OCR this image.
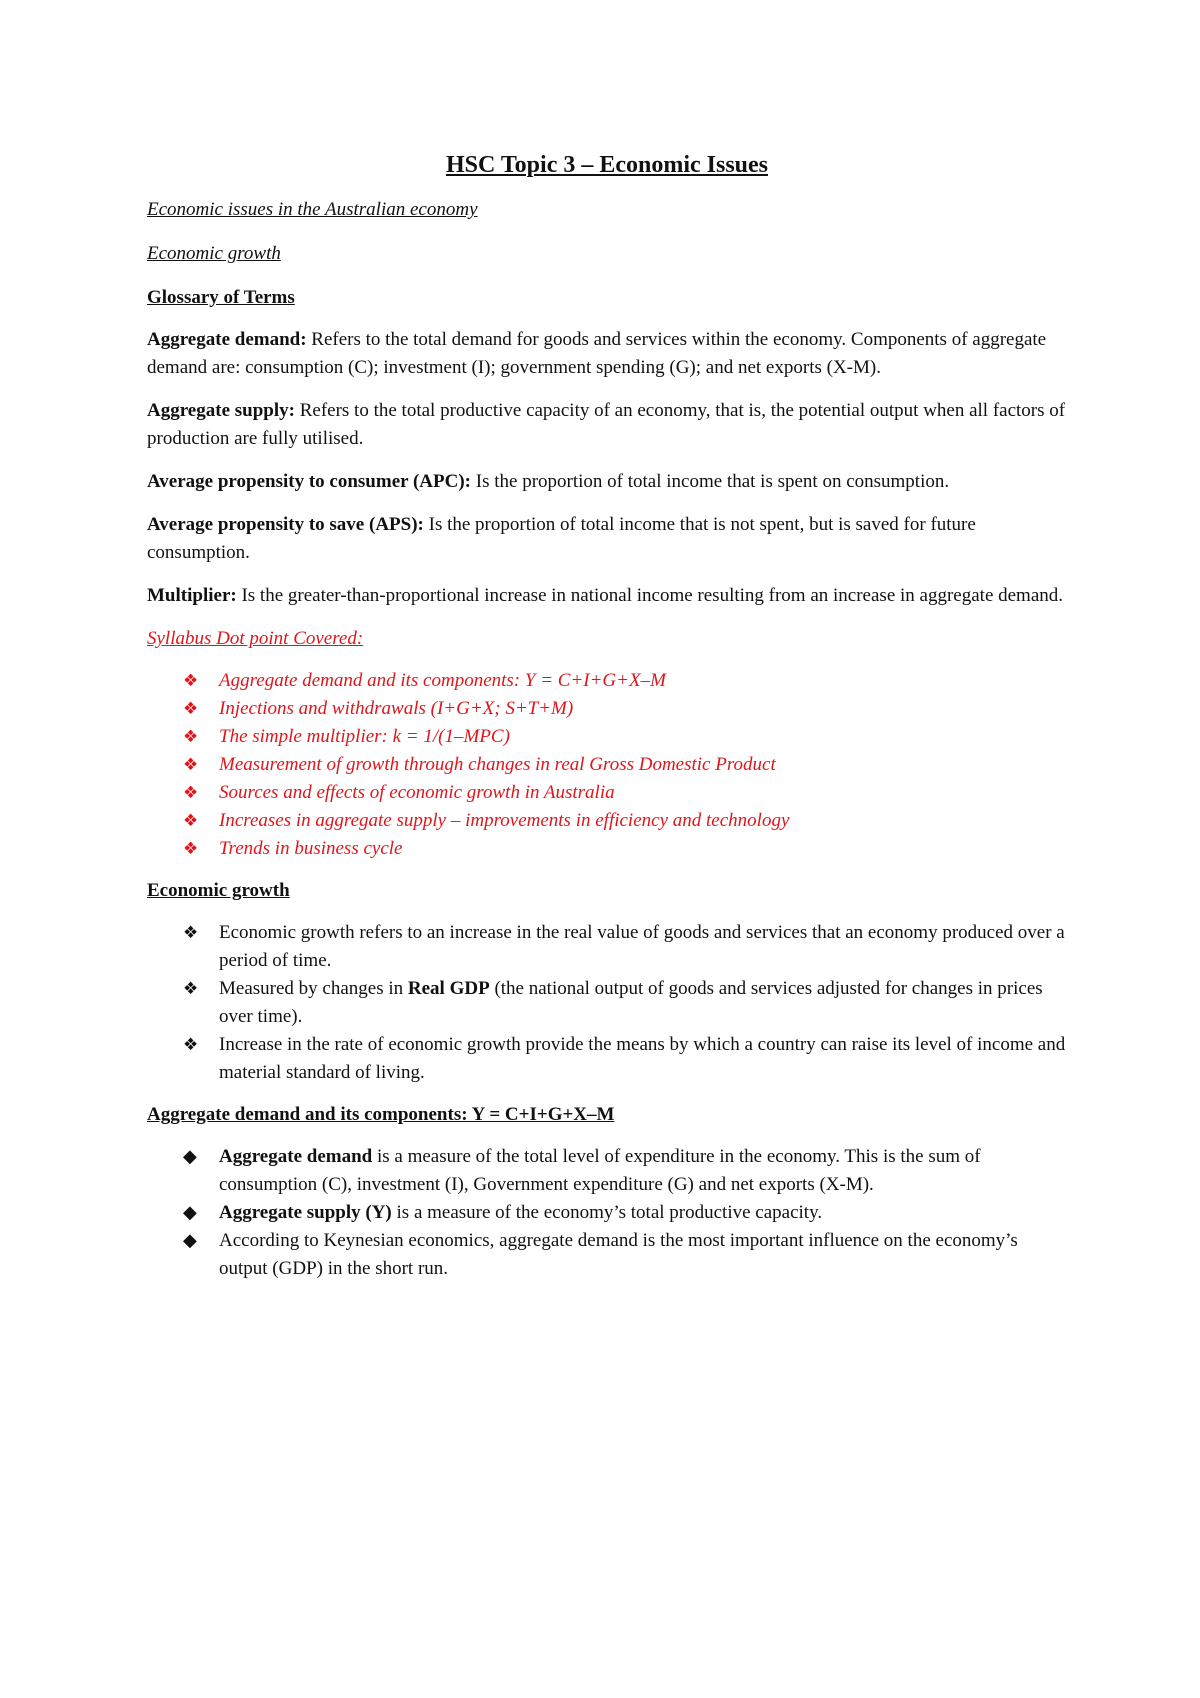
HSC Topic 3 – Economic Issues
Economic issues in the Australian economy
Economic growth
Glossary of Terms

Aggregate demand: Refers to the total demand for goods and services within the economy. Components of aggregate demand are: consumption (C); investment (I); government spending (G); and net exports (X-M).

Aggregate supply: Refers to the total productive capacity of an economy, that is, the potential output when all factors of production are fully utilised.

Average propensity to consumer (APC): Is the proportion of total income that is spent on consumption.

Average propensity to save (APS): Is the proportion of total income that is not spent, but is saved for future consumption.

Multiplier: Is the greater-than-proportional increase in national income resulting from an increase in aggregate demand.

Syllabus Dot point Covered:
❖	Aggregate demand and its components: Y = C+I+G+X–M
❖	Injections and withdrawals (I+G+X; S+T+M)
❖	The simple multiplier: k = 1/(1–MPC)
❖	Measurement of growth through changes in real Gross Domestic Product
❖	Sources and effects of economic growth in Australia
❖	Increases in aggregate supply – improvements in efficiency and technology
❖	Trends in business cycle
Economic growth
❖	Economic growth refers to an increase in the real value of goods and services that an economy produced over a period of time.
❖	Measured by changes in Real GDP (the national output of goods and services adjusted for changes in prices over time).
❖	Increase in the rate of economic growth provide the means by which a country can raise its level of income and material standard of living.
Aggregate demand and its components: Y = C+I+G+X–M
◆	Aggregate demand is a measure of the total level of expenditure in the economy. This is the sum of consumption (C), investment (I), Government expenditure (G) and net exports (X-M).
◆	Aggregate supply (Y) is a measure of the economy’s total productive capacity.
◆	According to Keynesian economics, aggregate demand is the most important influence on the economy’s output (GDP) in the short run.
